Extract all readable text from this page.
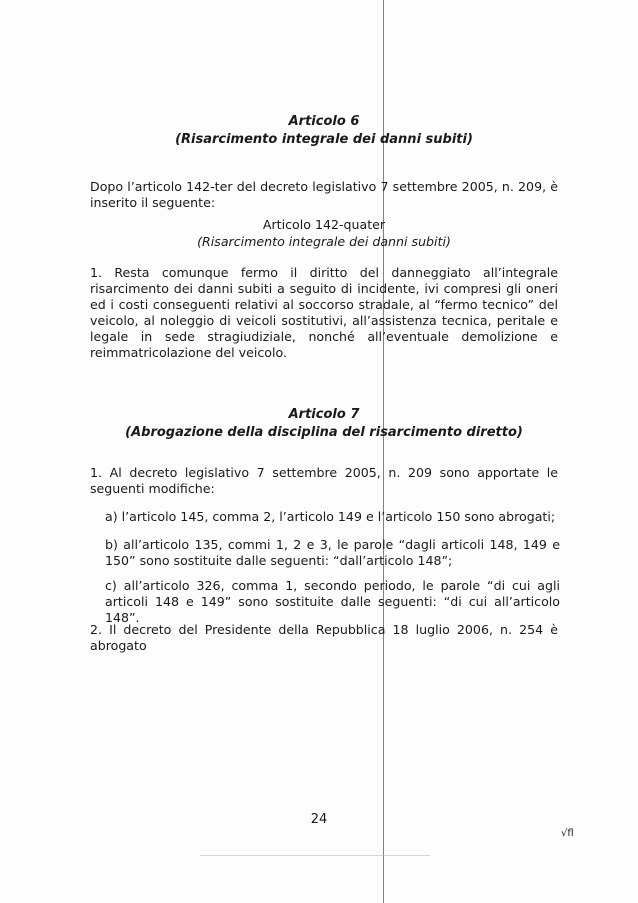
Articolo 6
(Risarcimento integrale dei danni subiti)
Dopo l’articolo 142-ter del decreto legislativo 7 settembre 2005, n. 209, è inserito il seguente:
Articolo 142-quater
(Risarcimento integrale dei danni subiti)
1. Resta comunque fermo il diritto del danneggiato all’integrale risarcimento dei danni subiti a seguito di incidente, ivi compresi gli oneri ed i costi conseguenti relativi al soccorso stradale, al “fermo tecnico” del veicolo, al noleggio di veicoli sostitutivi, all’assistenza tecnica, peritale e legale in sede stragiudiziale, nonché all’eventuale demolizione e reimmatricolazione del veicolo.
Articolo 7
(Abrogazione della disciplina del risarcimento diretto)
1. Al decreto legislativo 7 settembre 2005, n. 209 sono apportate le seguenti modifiche:
a) l’articolo 145, comma 2, l’articolo 149 e l’articolo 150 sono abrogati;
b) all’articolo 135, commi 1, 2 e 3, le parole “dagli articoli 148, 149 e 150” sono sostituite dalle seguenti: “dall’articolo 148”;
c) all’articolo 326, comma 1, secondo periodo, le parole “di cui agli articoli 148 e 149” sono sostituite dalle seguenti: “di cui all’articolo 148”.
2. Il decreto del Presidente della Repubblica 18 luglio 2006, n. 254 è abrogato
24
√fl
